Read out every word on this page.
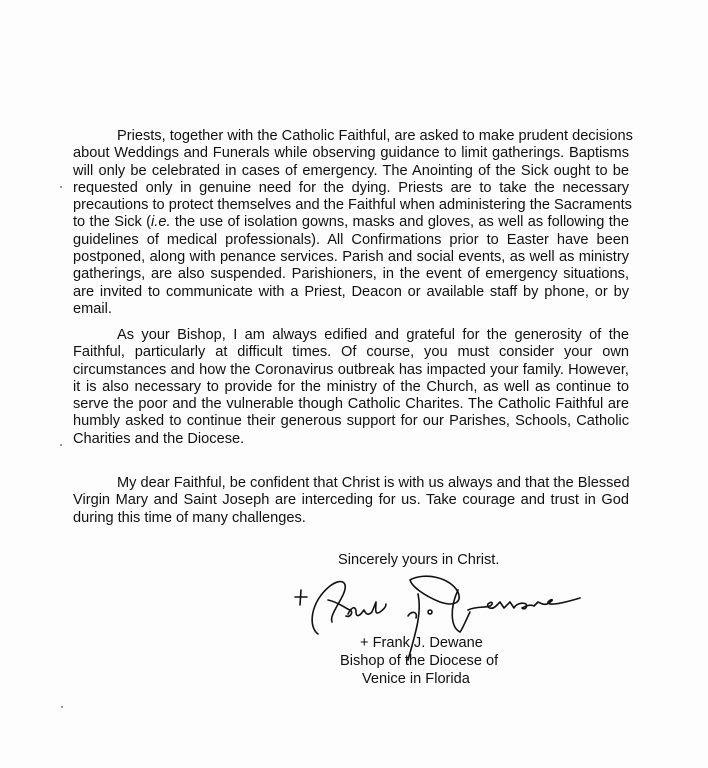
Priests, together with the Catholic Faithful, are asked to make prudent decisions
about Weddings and Funerals while observing guidance to limit gatherings. Baptisms
will only be celebrated in cases of emergency. The Anointing of the Sick ought to be
requested only in genuine need for the dying. Priests are to take the necessary
precautions to protect themselves and the Faithful when administering the Sacraments
to the Sick (i.e. the use of isolation gowns, masks and gloves, as well as following the
guidelines of medical professionals). All Confirmations prior to Easter have been
postponed, along with penance services. Parish and social events, as well as ministry
gatherings, are also suspended. Parishioners, in the event of emergency situations,
are invited to communicate with a Priest, Deacon or available staff by phone, or by
email.
As your Bishop, I am always edified and grateful for the generosity of the
Faithful, particularly at difficult times. Of course, you must consider your own
circumstances and how the Coronavirus outbreak has impacted your family. However,
it is also necessary to provide for the ministry of the Church, as well as continue to
serve the poor and the vulnerable though Catholic Charites. The Catholic Faithful are
humbly asked to continue their generous support for our Parishes, Schools, Catholic
Charities and the Diocese.
My dear Faithful, be confident that Christ is with us always and that the Blessed
Virgin Mary and Saint Joseph are interceding for us. Take courage and trust in God
during this time of many challenges.
Sincerely yours in Christ.
+ Frank J. Dewane
Bishop of the Diocese of
Venice in Florida
